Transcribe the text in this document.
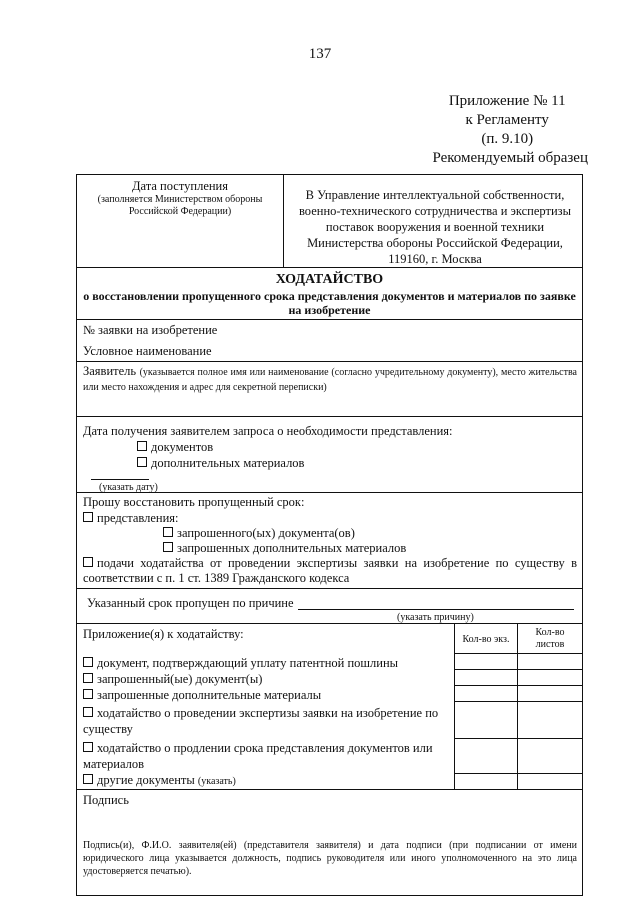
137
Приложение № 11
к Регламенту
(п. 9.10)
Рекомендуемый образец
Дата поступления
(заполняется Министерством обороны Российской Федерации)
В Управление интеллектуальной собственности,
военно-технического сотрудничества и экспертизы
поставок вооружения и военной техники
Министерства обороны Российской Федерации,
119160, г. Москва
ХОДАТАЙСТВО
о восстановлении пропущенного срока представления документов и материалов по заявке на изобретение
№ заявки на изобретение
Условное наименование
Заявитель (указывается полное имя или наименование (согласно учредительному документу), место жительства или место нахождения и адрес для секретной переписки)
Дата получения заявителем запроса о необходимости представления:
документов
дополнительных материалов
(указать дату)
Прошу восстановить пропущенный срок:
представления:
запрошенного(ых) документа(ов)
запрошенных дополнительных материалов
подачи ходатайства от проведении экспертизы заявки на изобретение по существу в соответствии с п. 1 ст. 1389 Гражданского кодекса
Указанный срок пропущен по причине
(указать причину)
Приложение(я) к ходатайству:	Кол-во экз.
Кол-во листов
документ, подтверждающий уплату патентной пошлины
запрошенный(ые) документ(ы)
запрошенные дополнительные материалы
ходатайство о проведении экспертизы заявки на изобретение по существу
ходатайство о продлении срока представления документов или материалов
другие документы (указать)
Подпись
Подпись(и), Ф.И.О. заявителя(ей) (представителя заявителя) и дата подписи (при подписании от имени юридического лица указывается должность, подпись руководителя или иного уполномоченного на это лица удостоверяется печатью).
